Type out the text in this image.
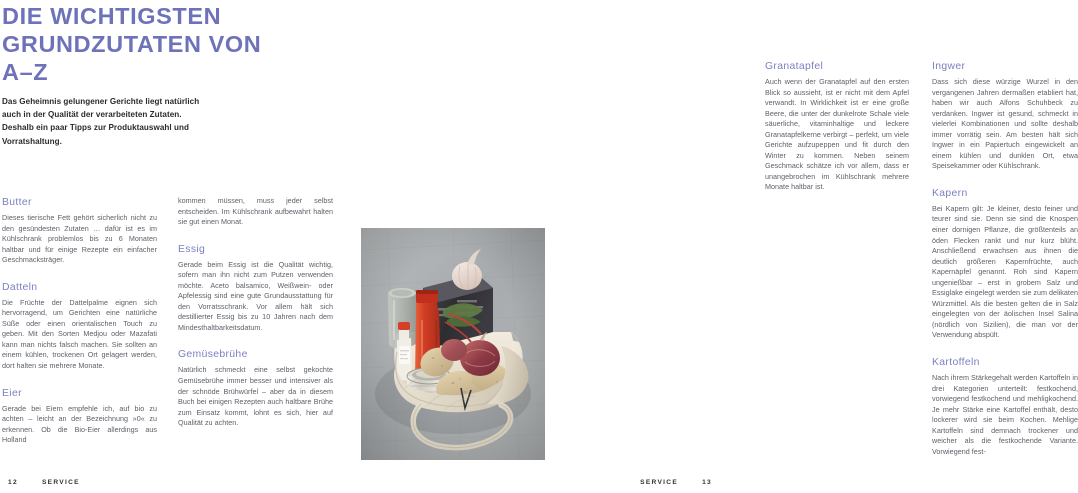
DIE WICHTIGSTEN
GRUNDZUTATEN VON
A–Z

Das Geheimnis gelungener Gerichte liegt natürlich auch in der Qualität der verarbeiteten Zutaten. Deshalb ein paar Tipps zur Produktauswahl und Vorratshaltung.

Butter

Dieses tierische Fett gehört sicherlich nicht zu den gesündesten Zutaten … dafür ist es im Kühlschrank problemlos bis zu 6 Monaten haltbar und für einige Rezepte ein einfacher Geschmacksträger.

Datteln

Die Früchte der Dattelpalme eignen sich hervorragend, um Gerichten eine natürliche Süße oder einen orientalischen Touch zu geben. Mit den Sorten Medjou oder Mazafati kann man nichts falsch machen. Sie sollten an einem kühlen, trockenen Ort gelagert werden, dort halten sie mehrere Monate.

Eier

Gerade bei Eiern empfehle ich, auf bio zu achten – leicht an der Bezeichnung »0« zu erkennen. Ob die Bio-Eier allerdings aus Holland

kommen müssen, muss jeder selbst entscheiden. Im Kühlschrank aufbewahrt halten sie gut einen Monat.

Essig

Gerade beim Essig ist die Qualität wichtig, sofern man ihn nicht zum Putzen verwenden möchte. Aceto balsamico, Weißwein- oder Apfelessig sind eine gute Grundausstattung für den Vorratsschrank. Vor allem hält sich destillierter Essig bis zu 10 Jahren nach dem Mindesthaltbarkeitsdatum.

Gemüsebrühe

Natürlich schmeckt eine selbst gekochte Gemüsebrühe immer besser und intensiver als der schnöde Brühwürfel – aber da in diesem Buch bei einigen Rezepten auch haltbare Brühe zum Einsatz kommt, lohnt es sich, hier auf Qualität zu achten.

12	SERVICE
Granatapfel

Auch wenn der Granatapfel auf den ersten Blick so aussieht, ist er nicht mit dem Apfel verwandt. In Wirklichkeit ist er eine große Beere, die unter der dunkelrote Schale viele säuerliche, vitaminhaltige und leckere Granatapfelkerne verbirgt – perfekt, um viele Gerichte aufzupeppen und fit durch den Winter zu kommen. Neben seinem Geschmack schätze ich vor allem, dass er unangebrochen im Kühlschrank mehrere Monate haltbar ist.

Ingwer

Dass sich diese würzige Wurzel in den vergangenen Jahren dermaßen etabliert hat, haben wir auch Alfons Schuhbeck zu verdanken. Ingwer ist gesund, schmeckt in vielerlei Kombinationen und sollte deshalb immer vorrätig sein. Am besten hält sich Ingwer in ein Papiertuch eingewickelt an einem kühlen und dunklen Ort, etwa Speisekammer oder Kühlschrank.

Kapern

Bei Kapern gilt: Je kleiner, desto feiner und teurer sind sie. Denn sie sind die Knospen einer dornigen Pflanze, die größtenteils an öden Flecken rankt und nur kurz blüht. Anschließend erwachsen aus ihnen die deutlich größeren Kapernfrüchte, auch Kapernäpfel genannt. Roh sind Kapern ungenießbar – erst in grobem Salz und Essiglake eingelegt werden sie zum delikaten Würzmittel. Als die besten gelten die in Salz eingelegten von der äolischen Insel Salina (nördlich von Sizilien), die man vor der Verwendung abspült.

Kartoffeln

Nach ihrem Stärkegehalt werden Kartoffeln in drei Kategorien unterteilt: festkochend, vorwiegend festkochend und mehligkochend. Je mehr Stärke eine Kartoffel enthält, desto lockerer wird sie beim Kochen. Mehlige Kartoffeln sind demnach trockener und weicher als die festkochende Variante. Vorwiegend fest-

SERVICE	13
